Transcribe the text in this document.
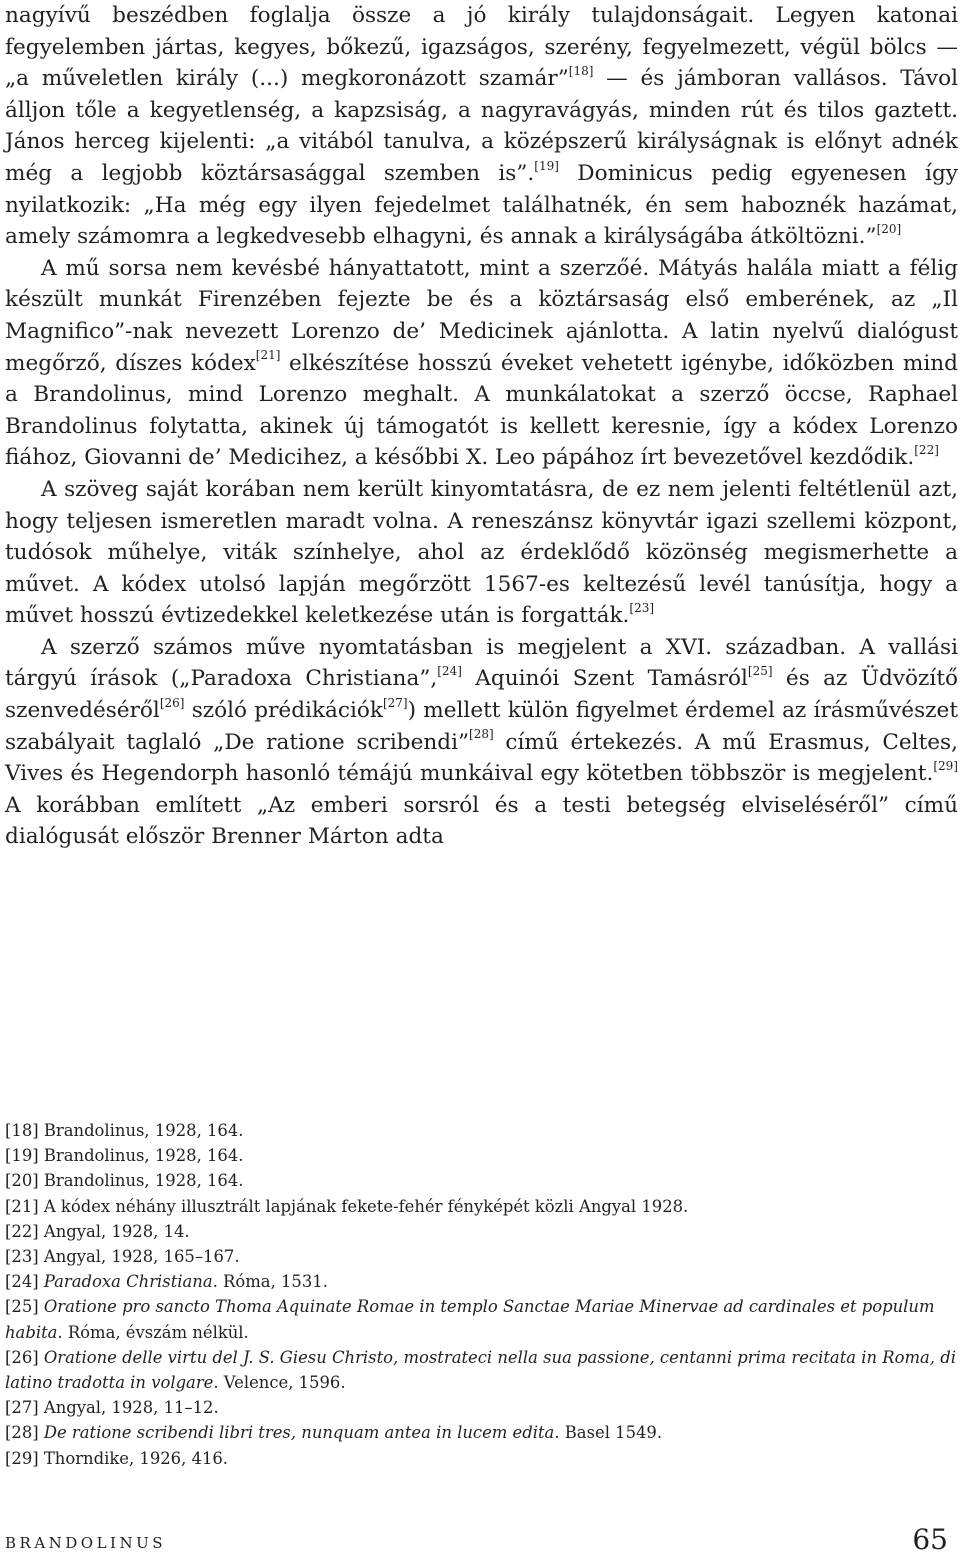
nagyívű beszédben foglalja össze a jó király tulajdonságait. Legyen katonai fegyelemben jártas, kegyes, bőkezű, igazságos, szerény, fegyelmezett, végül bölcs — „a műveletlen király (...) megkoronázott szamár”[18] — és jámboran vallásos. Távol álljon tőle a kegyetlenség, a kapzsiság, a nagyravágyás, minden rút és tilos gaztett. János herceg kijelenti: „a vitából tanulva, a középszerű királyságnak is előnyt adnék még a legjobb köztársasággal szemben is”.[19] Dominicus pedig egyenesen így nyilatkozik: „Ha még egy ilyen fejedelmet találhatnék, én sem haboznék hazámat, amely számomra a legkedvesebb elhagyni, és annak a királyságába átköltözni.”[20]

A mű sorsa nem kevésbé hányattatott, mint a szerzőé. Mátyás halála miatt a félig készült munkát Firenzében fejezte be és a köztársaság első emberének, az „Il Magnifico”-nak nevezett Lorenzo de’ Medicinek ajánlotta. A latin nyelvű dialógust megőrző, díszes kódex[21] elkészítése hosszú éveket vehetett igénybe, időközben mind a Brandolinus, mind Lorenzo meghalt. A munkálatokat a szerző öccse, Raphael Brandolinus folytatta, akinek új támogatót is kellett keresnie, így a kódex Lorenzo fiához, Giovanni de’ Medicihez, a későbbi X. Leo pápához írt bevezetővel kezdődik.[22]

A szöveg saját korában nem került kinyomtatásra, de ez nem jelenti feltétlenül azt, hogy teljesen ismeretlen maradt volna. A reneszánsz könyvtár igazi szellemi központ, tudósok műhelye, viták színhelye, ahol az érdeklődő közönség megismerhette a művet. A kódex utolsó lapján megőrzött 1567-es keltezésű levél tanúsítja, hogy a művet hosszú évtizedekkel keletkezése után is forgatták.[23]

A szerző számos műve nyomtatásban is megjelent a XVI. században. A vallási tárgyú írások („Paradoxa Christiana”,[24] Aquinói Szent Tamásról[25] és az Üdvözítő szenvedéséről[26] szóló prédikációk[27]) mellett külön figyelmet érdemel az írásművészet szabályait taglaló „De ratione scribendi”[28] című értekezés. A mű Erasmus, Celtes, Vives és Hegendorph hasonló témájú munkáival egy kötetben többször is megjelent.[29] A korábban említett „Az emberi sorsról és a testi betegség elviseléséről” című dialógusát először Brenner Márton adta

[18] Brandolinus, 1928, 164.

[19] Brandolinus, 1928, 164.

[20] Brandolinus, 1928, 164.

[21] A kódex néhány illusztrált lapjának fekete-fehér fényképét közli Angyal 1928.

[22] Angyal, 1928, 14.

[23] Angyal, 1928, 165–167.

[24] Paradoxa Christiana. Róma, 1531.

[25] Oratione pro sancto Thoma Aquinate Romae in templo Sanctae Mariae Minervae ad cardinales et populum habita. Róma, évszám nélkül.

[26] Oratione delle virtu del J. S. Giesu Christo, mostrateci nella sua passione, centanni prima recitata in Roma, di latino tradotta in volgare. Velence, 1596.

[27] Angyal, 1928, 11–12.

[28] De ratione scribendi libri tres, nunquam antea in lucem edita. Basel 1549.

[29] Thorndike, 1926, 416.

BRANDOLINUS	65
